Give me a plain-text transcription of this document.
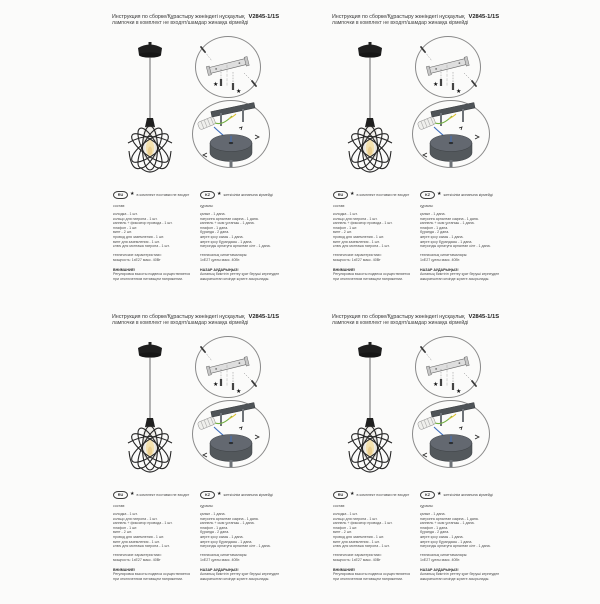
Инструкция по сборке/Құрастыру жөніндегі нұсқаулық V2845-1/1S
лампочки в комплект не входят/шамдар жинаққа кірмейді
★
★
RU	★ в комплект поставки не входят	KZ	★ жеткізілім жинағына кірмейді
состав:
колодка - 1 шт.
кольцо для патрона - 1 шт.
каппель + фиксатор провода - 1 шт.
плафон - 1 шт.
винт - 2 шт.
провод для заземления - 1 шт.
винт для заземления - 1 шт.
ключ для монтажа патрона - 1 шт.
технические характеристики:
мощность: 1хЕ27 макс. 40Вт
ВНИМАНИЕ!
Регулировка высоты подвеса осуществляется при отключенном питающем напряжении.
құрамы:
қалып - 1 дана.
патронға арналған сақина - 1 дана.
каппель + сым ұстағыш - 1 дана.
плафон - 1 дана.
бұранда - 2 дана.
жерге қосу сымы - 1 дана.
жерге қосу бұрандасы - 1 дана.
патронды орнатуға арналған кілт - 1 дана.
техникалық сипаттамалары:
1хЕ27 қуаты макс. 40Вт.
НАЗАР АУДАРЫҢЫЗ!
Аспаның биіктігін реттеу қуат беруші кернеуден ажыратылған кезінде жүзеге асырылады.
Инструкция по сборке/Құрастыру жөніндегі нұсқаулық V2845-1/1S
лампочки в комплект не входят/шамдар жинаққа кірмейді
★
★
RU	★ в комплект поставки не входят	KZ	★ жеткізілім жинағына кірмейді
состав:
колодка - 1 шт.
кольцо для патрона - 1 шт.
каппель + фиксатор провода - 1 шт.
плафон - 1 шт.
винт - 2 шт.
провод для заземления - 1 шт.
винт для заземления - 1 шт.
ключ для монтажа патрона - 1 шт.
технические характеристики:
мощность: 1хЕ27 макс. 40Вт
ВНИМАНИЕ!
Регулировка высоты подвеса осуществляется при отключенном питающем напряжении.
құрамы:
қалып - 1 дана.
патронға арналған сақина - 1 дана.
каппель + сым ұстағыш - 1 дана.
плафон - 1 дана.
бұранда - 2 дана.
жерге қосу сымы - 1 дана.
жерге қосу бұрандасы - 1 дана.
патронды орнатуға арналған кілт - 1 дана.
техникалық сипаттамалары:
1хЕ27 қуаты макс. 40Вт.
НАЗАР АУДАРЫҢЫЗ!
Аспаның биіктігін реттеу қуат беруші кернеуден ажыратылған кезінде жүзеге асырылады.
Инструкция по сборке/Құрастыру жөніндегі нұсқаулық V2845-1/1S
лампочки в комплект не входят/шамдар жинаққа кірмейді
★
★
RU	★ в комплект поставки не входят	KZ	★ жеткізілім жинағына кірмейді
состав:
колодка - 1 шт.
кольцо для патрона - 1 шт.
каппель + фиксатор провода - 1 шт.
плафон - 1 шт.
винт - 2 шт.
провод для заземления - 1 шт.
винт для заземления - 1 шт.
ключ для монтажа патрона - 1 шт.
технические характеристики:
мощность: 1хЕ27 макс. 40Вт
ВНИМАНИЕ!
Регулировка высоты подвеса осуществляется при отключенном питающем напряжении.
құрамы:
қалып - 1 дана.
патронға арналған сақина - 1 дана.
каппель + сым ұстағыш - 1 дана.
плафон - 1 дана.
бұранда - 2 дана.
жерге қосу сымы - 1 дана.
жерге қосу бұрандасы - 1 дана.
патронды орнатуға арналған кілт - 1 дана.
техникалық сипаттамалары:
1хЕ27 қуаты макс. 40Вт.
НАЗАР АУДАРЫҢЫЗ!
Аспаның биіктігін реттеу қуат беруші кернеуден ажыратылған кезінде жүзеге асырылады.
Инструкция по сборке/Құрастыру жөніндегі нұсқаулық V2845-1/1S
лампочки в комплект не входят/шамдар жинаққа кірмейді
★
★
RU	★ в комплект поставки не входят	KZ	★ жеткізілім жинағына кірмейді
состав:
колодка - 1 шт.
кольцо для патрона - 1 шт.
каппель + фиксатор провода - 1 шт.
плафон - 1 шт.
винт - 2 шт.
провод для заземления - 1 шт.
винт для заземления - 1 шт.
ключ для монтажа патрона - 1 шт.
технические характеристики:
мощность: 1хЕ27 макс. 40Вт
ВНИМАНИЕ!
Регулировка высоты подвеса осуществляется при отключенном питающем напряжении.
құрамы:
қалып - 1 дана.
патронға арналған сақина - 1 дана.
каппель + сым ұстағыш - 1 дана.
плафон - 1 дана.
бұранда - 2 дана.
жерге қосу сымы - 1 дана.
жерге қосу бұрандасы - 1 дана.
патронды орнатуға арналған кілт - 1 дана.
техникалық сипаттамалары:
1хЕ27 қуаты макс. 40Вт.
НАЗАР АУДАРЫҢЫЗ!
Аспаның биіктігін реттеу қуат беруші кернеуден ажыратылған кезінде жүзеге асырылады.
